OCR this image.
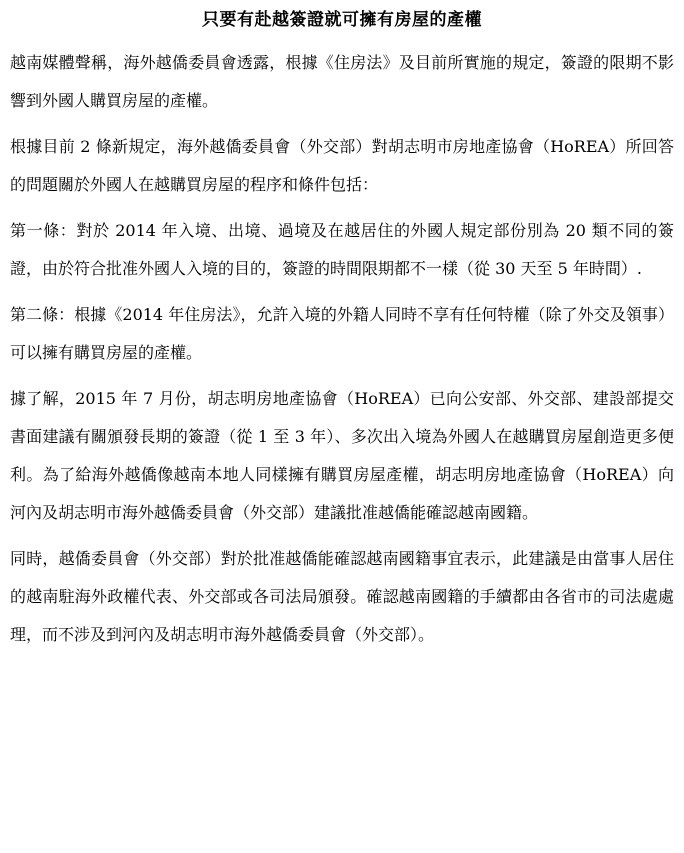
只要有赴越簽證就可擁有房屋的產權

越南媒體聲稱，海外越僑委員會透露，根據《住房法》及目前所實施的規定，簽證的限期不影響到外國人購買房屋的產權。

根據目前 2 條新規定，海外越僑委員會（外交部）對胡志明市房地產協會（HoREA）所回答的問題關於外國人在越購買房屋的程序和條件包括：

第一條：對於 2014 年入境、出境、過境及在越居住的外國人規定部份別為 20 類不同的簽證，由於符合批准外國人入境的目的，簽證的時間限期都不一樣（從 30 天至 5 年時間）.

第二條：根據《2014 年住房法》，允許入境的外籍人同時不享有任何特權（除了外交及領事）可以擁有購買房屋的產權。

據了解，2015 年 7 月份，胡志明房地產協會（HoREA）已向公安部、外交部、建設部提交書面建議有關頒發長期的簽證（從 1 至 3 年）、多次出入境為外國人在越購買房屋創造更多便利。為了給海外越僑像越南本地人同樣擁有購買房屋產權，胡志明房地產協會（HoREA）向河內及胡志明市海外越僑委員會（外交部）建議批准越僑能確認越南國籍。

同時，越僑委員會（外交部）對於批准越僑能確認越南國籍事宜表示，此建議是由當事人居住的越南駐海外政權代表、外交部或各司法局頒發。確認越南國籍的手續都由各省市的司法處處理，而不涉及到河內及胡志明市海外越僑委員會（外交部）。
